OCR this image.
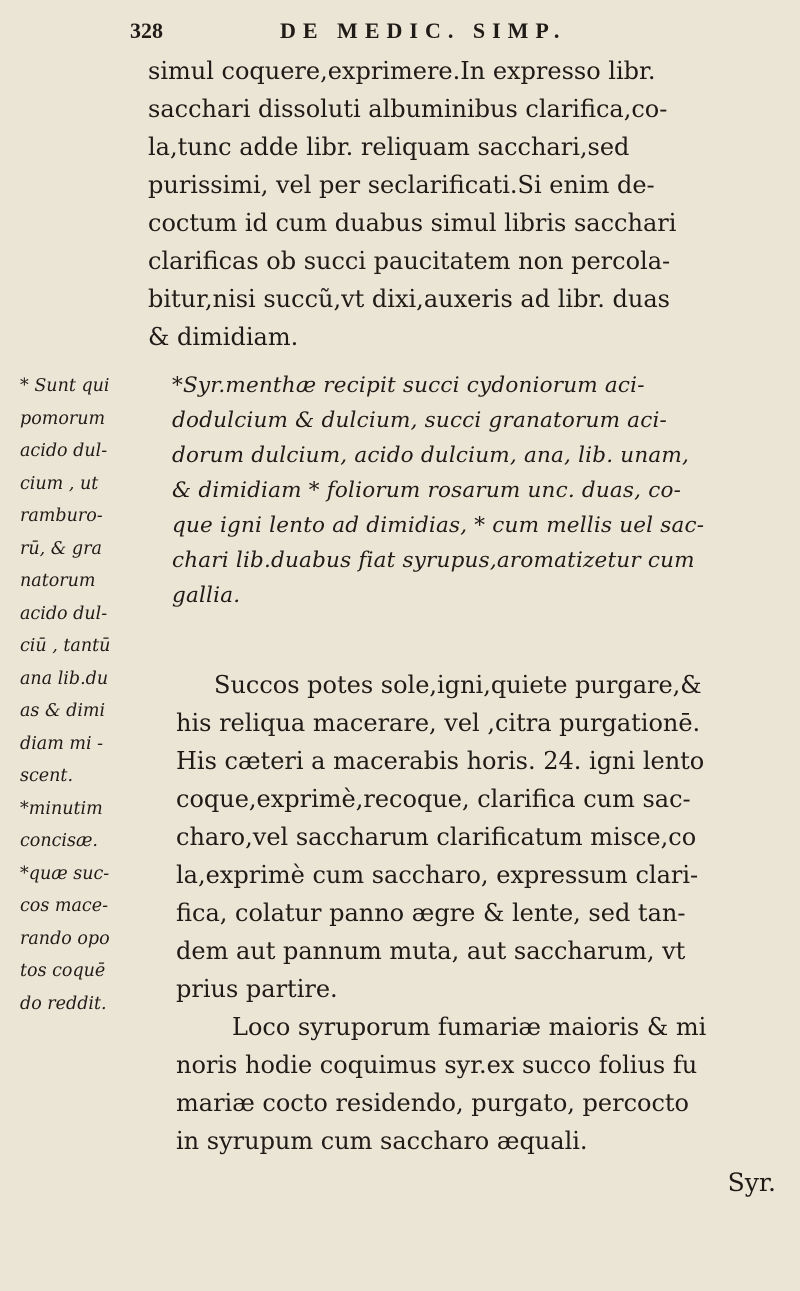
328	DE MEDIC. SIMP.
simul coquere,exprimere.In expresso libr.
sacchari dissoluti albuminibus clarifica,co-
la,tunc adde libr. reliquam sacchari,sed
purissimi, vel per seclarificati.Si enim de-
coctum id cum duabus simul libris sacchari
clarificas ob succi paucitatem non percola-
bitur,nisi succũ,vt dixi,auxeris ad libr. duas
& dimidiam.
*Syr.menthæ recipit succi cydoniorum aci-
dodulcium & dulcium, succi granatorum aci-
dorum dulcium, acido dulcium, ana, lib. unam,
& dimidiam * foliorum rosarum unc. duas, co-
que igni lento ad dimidias, * cum mellis uel sac-
chari lib.duabus fiat syrupus,aromatizetur cum
gallia.
Succos potes sole,igni,quiete purgare,&
his reliqua macerare, vel ,citra purgationē.
His cæteri a macerabis horis. 24. igni lento
coque,exprimè,recoque, clarifica cum sac-
charo,vel saccharum clarificatum misce,co
la,exprimè cum saccharo, expressum clari-
fica, colatur panno ægre & lente, sed tan-
dem aut pannum muta, aut saccharum, vt
prius partire.
Loco syruporum fumariæ maioris & mi
noris hodie coquimus syr.ex succo folius fu
mariæ cocto residendo, purgato, percocto
in syrupum cum saccharo æquali.
* Sunt qui
pomorum
acido dul-
cium , ut
ramburo-
rū, & gra
natorum
acido dul-
ciū , tantū
ana lib.du
as & dimi
diam mi -
scent.
*minutim
concisæ.
*quæ suc-
cos mace-
rando opo
tos coquē
do reddit.
Syr.
